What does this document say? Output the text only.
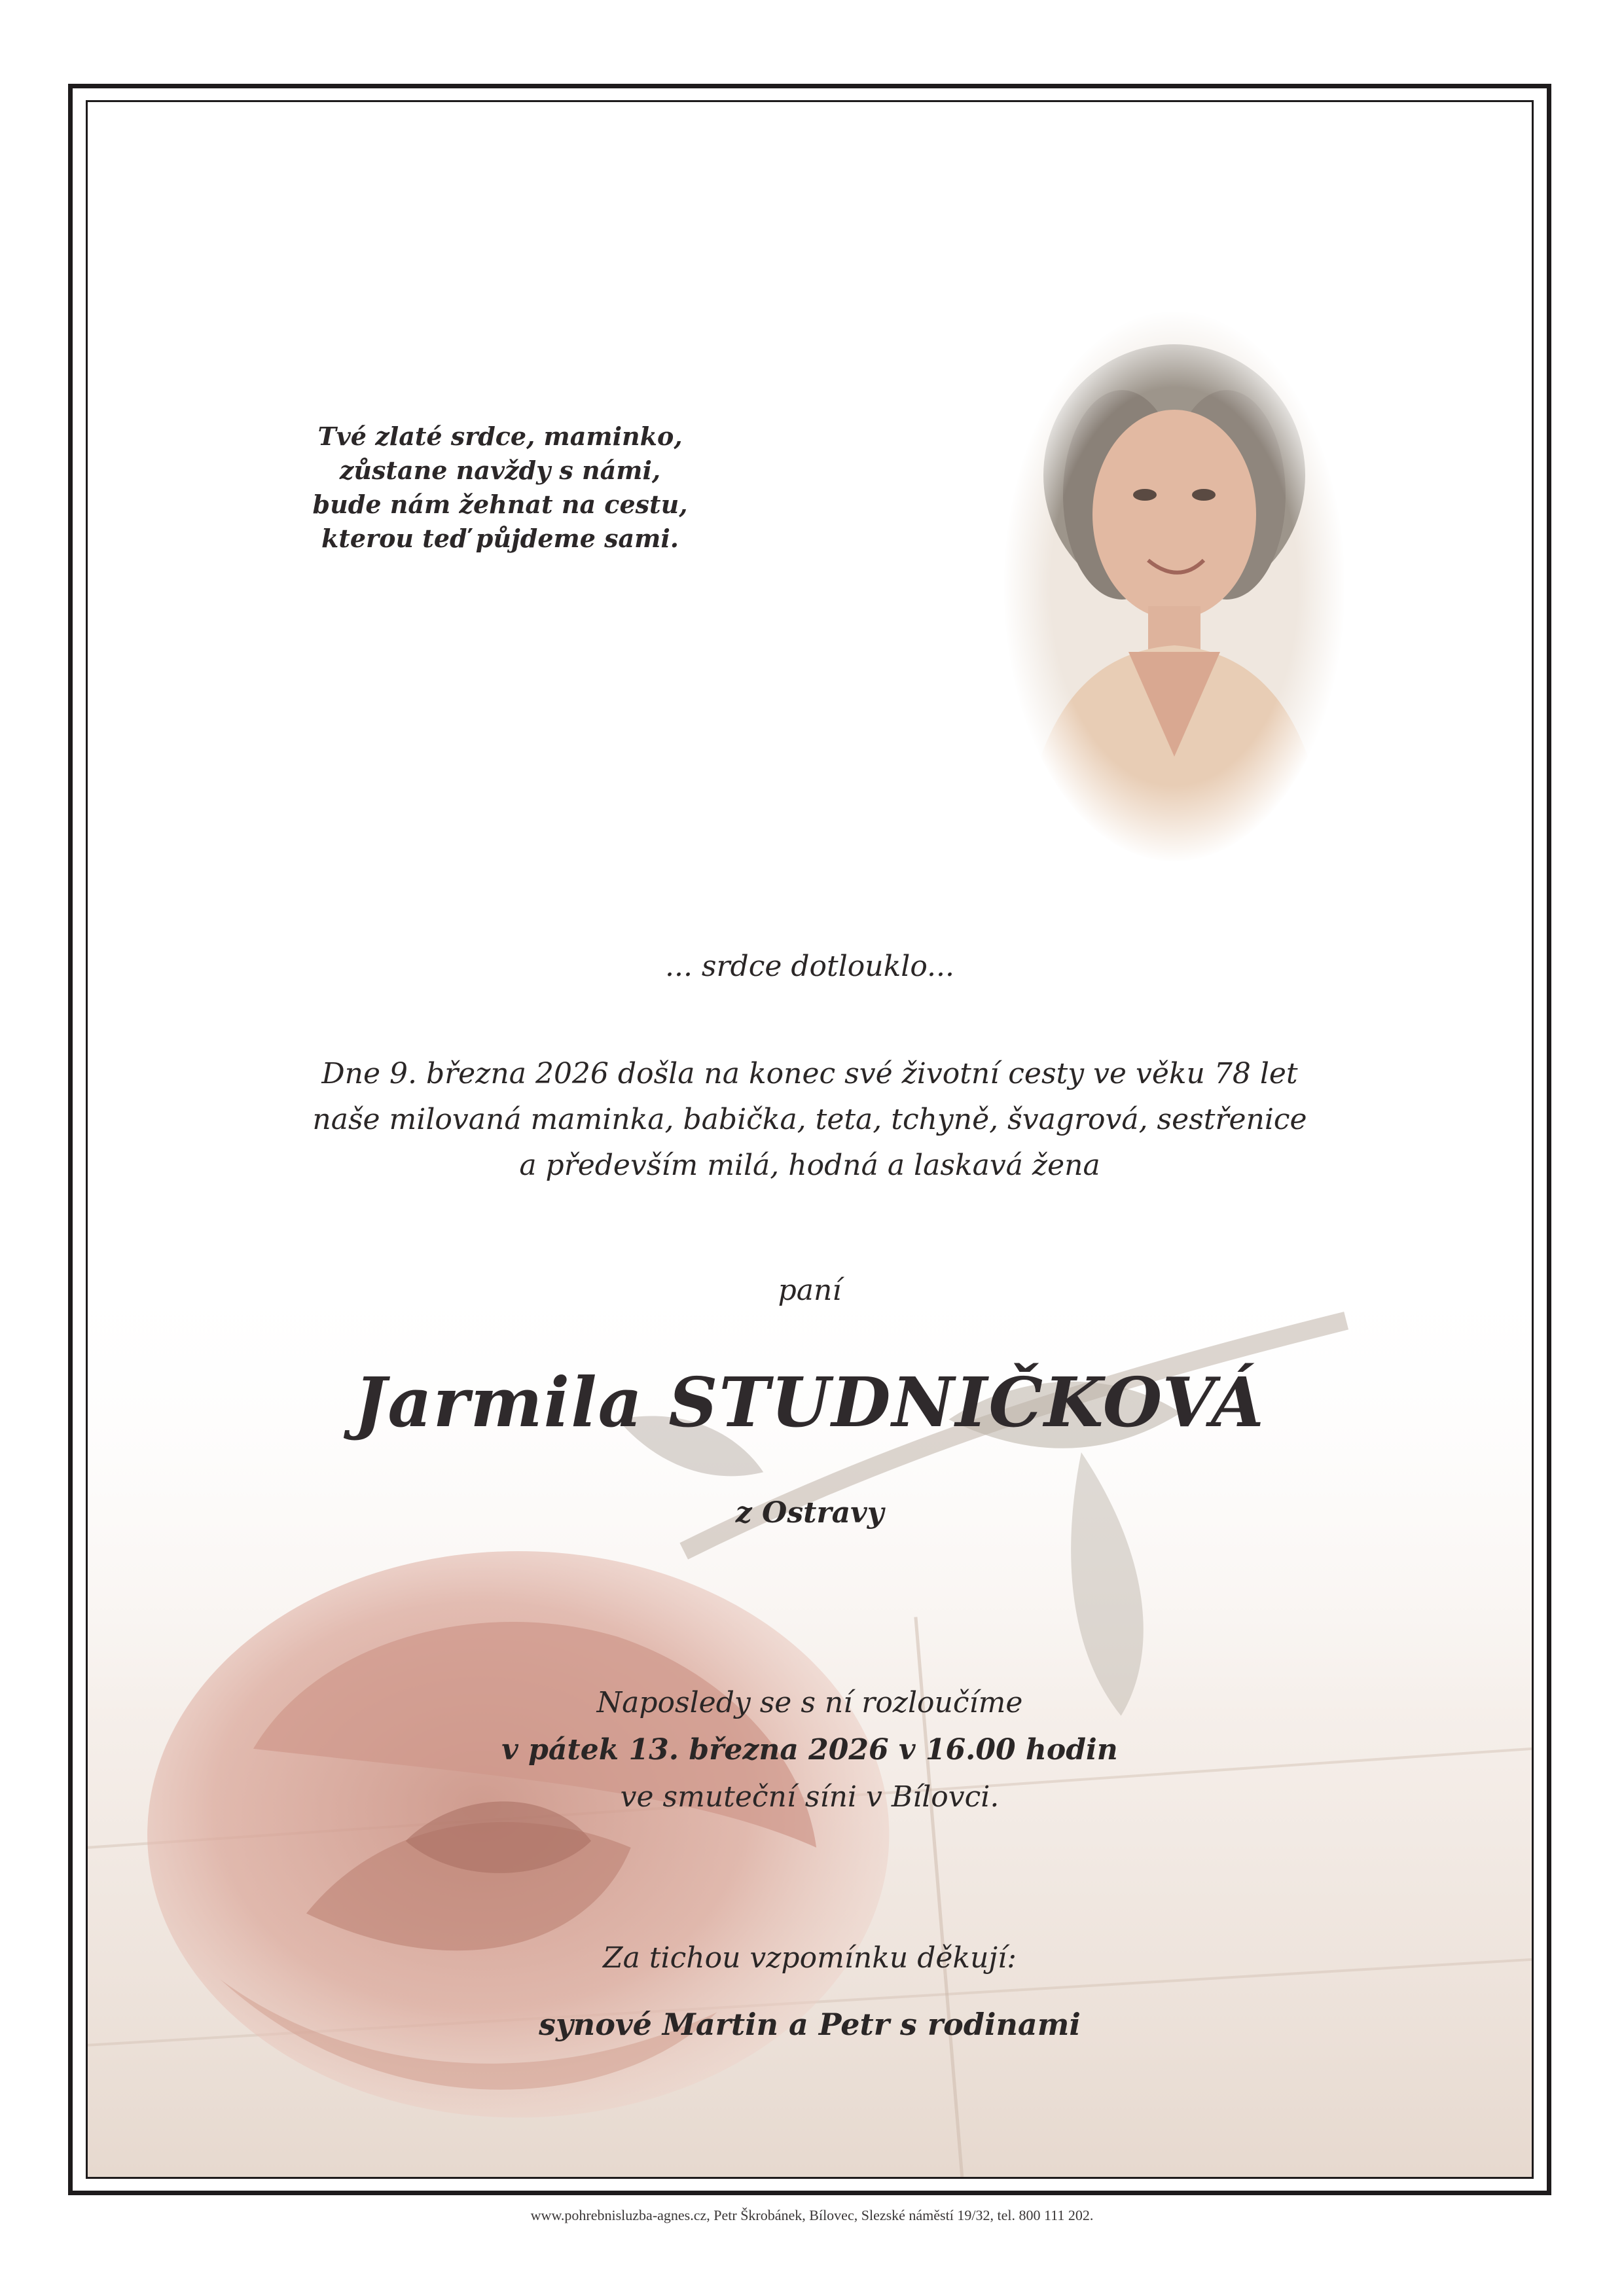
Tvé zlaté srdce, maminko,
zůstane navždy s námi,
bude nám žehnat na cestu,
kterou teď půjdeme sami.
... srdce dotlouklo...
Dne 9. března 2026 došla na konec své životní cesty ve věku 78 let
naše milovaná maminka, babička, teta, tchyně, švagrová, sestřenice
a především milá, hodná a laskavá žena
paní
Jarmila STUDNIČKOVÁ
z Ostravy
Naposledy se s ní rozloučíme
v pátek 13. března 2026 v 16.00 hodin
ve smuteční síni v Bílovci.
Za tichou vzpomínku děkují:
synové Martin a Petr s rodinami
www.pohrebnisluzba-agnes.cz, Petr Škrobánek, Bílovec, Slezské náměstí 19/32, tel. 800 111 202.
